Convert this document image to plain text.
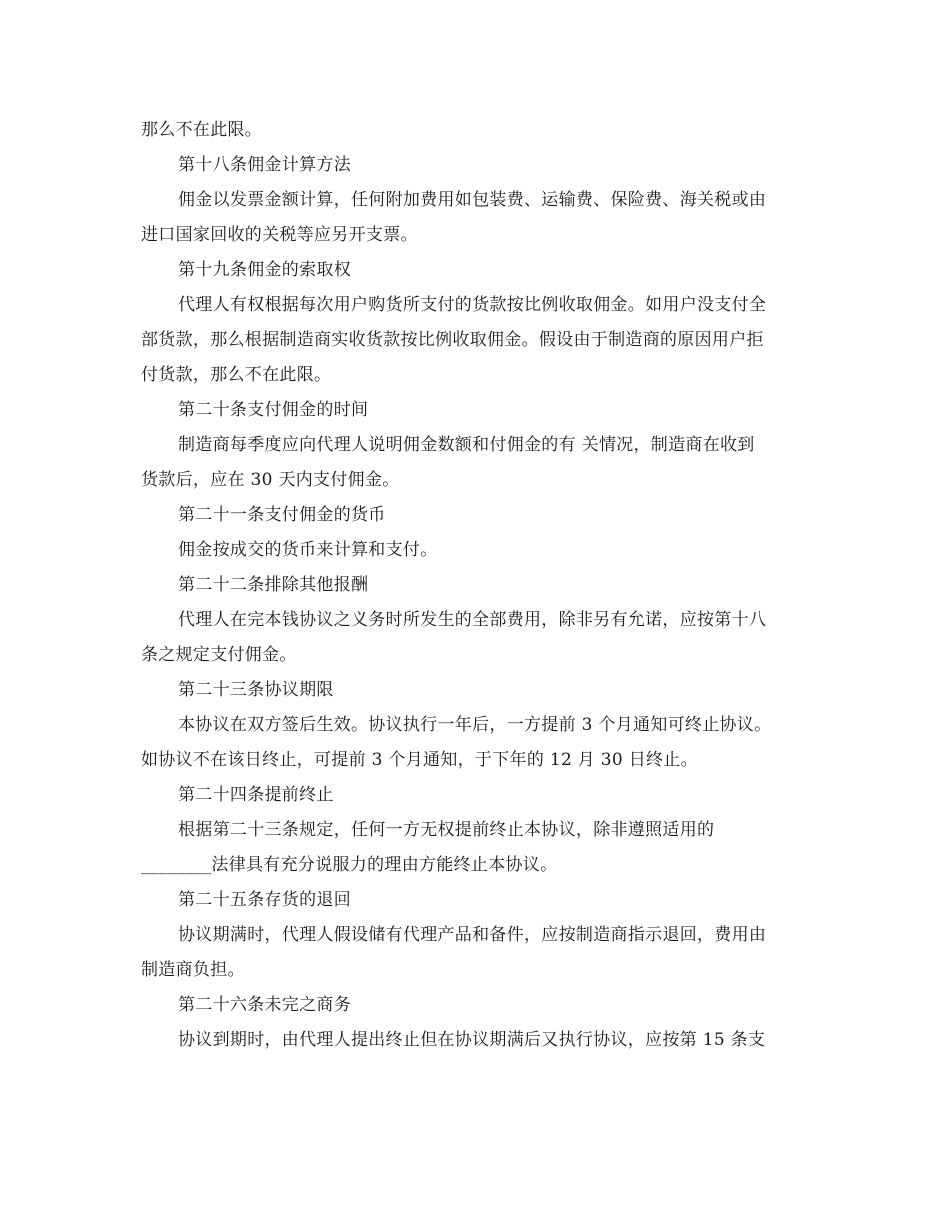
那么不在此限。
第十八条佣金计算方法
佣金以发票金额计算，任何附加费用如包装费、运输费、保险费、海关税或由
进口国家回收的关税等应另开支票。
第十九条佣金的索取权
代理人有权根据每次用户购货所支付的货款按比例收取佣金。如用户没支付全
部货款，那么根据制造商实收货款按比例收取佣金。假设由于制造商的原因用户拒
付货款，那么不在此限。
第二十条支付佣金的时间
制造商每季度应向代理人说明佣金数额和付佣金的有 关情况，制造商在收到
货款后，应在 30 天内支付佣金。
第二十一条支付佣金的货币
佣金按成交的货币来计算和支付。
第二十二条排除其他报酬
代理人在完本钱协议之义务时所发生的全部费用，除非另有允诺，应按第十八
条之规定支付佣金。
第二十三条协议期限
本协议在双方签后生效。协议执行一年后，一方提前 3 个月通知可终止协议。
如协议不在该日终止，可提前 3 个月通知，于下年的 12 月 30 日终止。
第二十四条提前终止
根据第二十三条规定，任何一方无权提前终止本协议，除非遵照适用的
________法律具有充分说服力的理由方能终止本协议。
第二十五条存货的退回
协议期满时，代理人假设储有代理产品和备件，应按制造商指示退回，费用由
制造商负担。
第二十六条未完之商务
协议到期时，由代理人提出终止但在协议期满后又执行协议，应按第 15 条支
